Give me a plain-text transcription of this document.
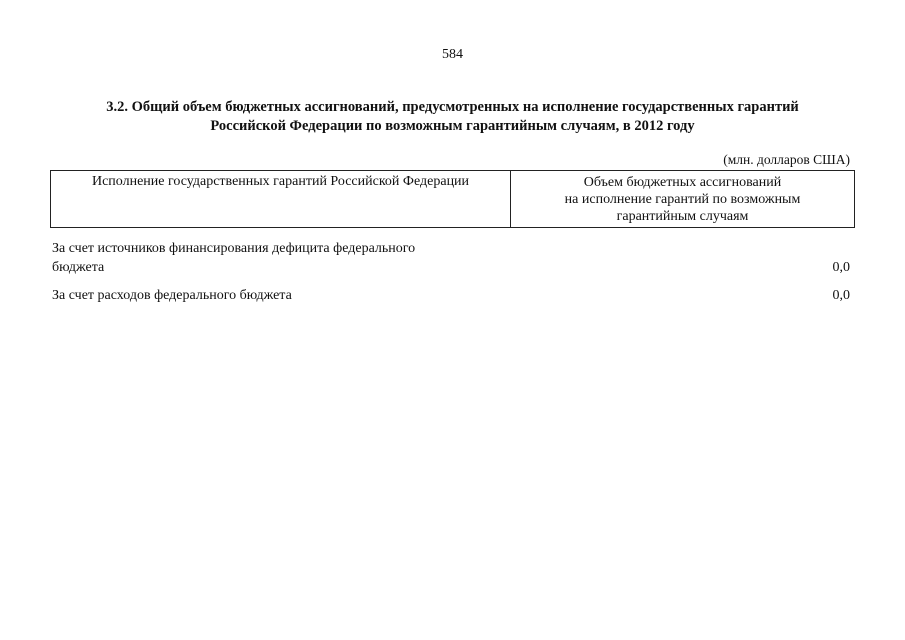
584
3.2. Общий объем бюджетных ассигнований, предусмотренных на исполнение государственных гарантий
Российской Федерации по возможным гарантийным случаям, в 2012 году
(млн. долларов США)
Исполнение государственных гарантий Российской Федерации	Объем бюджетных ассигнований
на исполнение гарантий по возможным
гарантийным случаям
За счет источников финансирования дефицита федерального
бюджета	0,0
За счет расходов федерального бюджета	0,0
